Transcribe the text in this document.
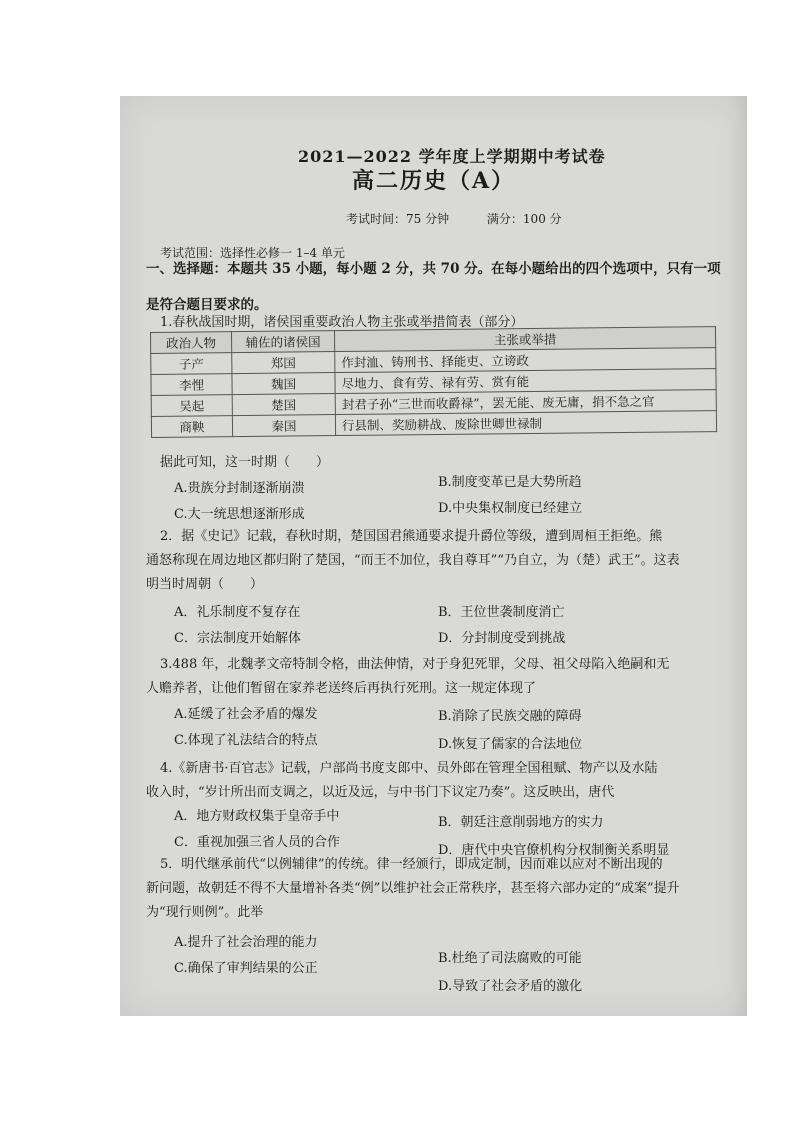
2021—2022 学年度上学期期中考试卷
高二历史（A）
考试时间：75 分钟	满分：100 分
考试范围：选择性必修一 1–4 单元
一、选择题：本题共 35 小题，每小题 2 分，共 70 分。在每小题给出的四个选项中，只有一项
是符合题目要求的。
1.春秋战国时期，诸侯国重要政治人物主张或举措简表（部分）
政治人物	辅佐的诸侯国	主张或举措
子产	郑国	作封洫、铸刑书、择能吏、立谤政
李悝	魏国	尽地力、食有劳、禄有劳、赏有能
吴起	楚国	封君子孙“三世而收爵禄”，罢无能、废无庸，捐不急之官
商鞅	秦国	行县制、奖励耕战、废除世卿世禄制
据此可知，这一时期（　　）
A.贵族分封制逐渐崩溃	B.制度变革已是大势所趋
C.大一统思想逐渐形成	D.中央集权制度已经建立
2．据《史记》记载，春秋时期，楚国国君熊通要求提升爵位等级，遭到周桓王拒绝。熊
通怒称现在周边地区都归附了楚国，“而王不加位，我自尊耳”“乃自立，为（楚）武王”。这表
明当时周朝（　　）
A．礼乐制度不复存在	B．王位世袭制度消亡
C．宗法制度开始解体	D．分封制度受到挑战
3.488 年，北魏孝文帝特制令格，曲法伸情，对于身犯死罪，父母、祖父母陷入绝嗣和无
人赡养者，让他们暂留在家养老送终后再执行死刑。这一规定体现了
A.延缓了社会矛盾的爆发	B.消除了民族交融的障碍
C.体现了礼法结合的特点	D.恢复了儒家的合法地位
4.《新唐书·百官志》记载，户部尚书度支郎中、员外郎在管理全国租赋、物产以及水陆
收入时，“岁计所出而支调之，以近及远，与中书门下议定乃奏”。这反映出，唐代
A．地方财政权集于皇帝手中	B．朝廷注意削弱地方的实力
C．重视加强三省人员的合作
D．唐代中央官僚机构分权制衡关系明显
5．明代继承前代“以例辅律”的传统。律一经颁行，即成定制，因而难以应对不断出现的
新问题，故朝廷不得不大量增补各类“例”以维护社会正常秩序，甚至将六部办定的“成案”提升
为“现行则例”。此举
A.提升了社会治理的能力
B.杜绝了司法腐败的可能
C.确保了审判结果的公正
D.导致了社会矛盾的激化
